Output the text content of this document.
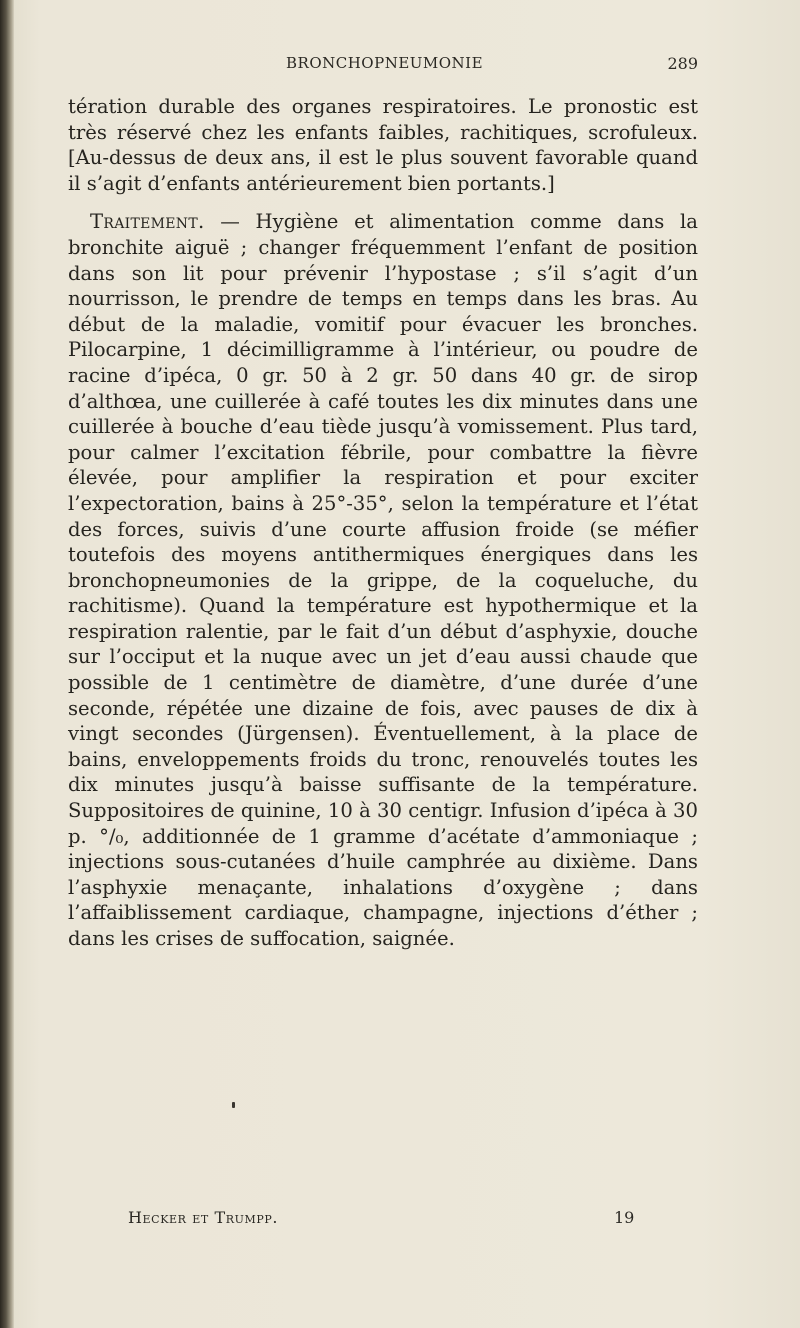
BRONCHOPNEUMONIE	289

tération durable des organes respiratoires. Le pronostic est très réservé chez les enfants faibles, rachitiques, scrofuleux. [Au-dessus de deux ans, il est le plus souvent favorable quand il s’agit d’enfants antérieurement bien portants.]

Traitement. — Hygiène et alimentation comme dans la bronchite aiguë ; changer fréquemment l’enfant de position dans son lit pour prévenir l’hypostase ; s’il s’agit d’un nourrisson, le prendre de temps en temps dans les bras. Au début de la maladie, vomitif pour évacuer les bronches. Pilocarpine, 1 décimilligramme à l’intérieur, ou poudre de racine d’ipéca, 0 gr. 50 à 2 gr. 50 dans 40 gr. de sirop d’althœa, une cuillerée à café toutes les dix minutes dans une cuillerée à bouche d’eau tiède jusqu’à vomissement. Plus tard, pour calmer l’excitation fébrile, pour combattre la fièvre élevée, pour amplifier la respiration et pour exciter l’expectoration, bains à 25°-35°, selon la température et l’état des forces, suivis d’une courte affusion froide (se méfier toutefois des moyens antithermiques énergiques dans les bronchopneumonies de la grippe, de la coqueluche, du rachitisme). Quand la température est hypothermique et la respiration ralentie, par le fait d’un début d’asphyxie, douche sur l’occiput et la nuque avec un jet d’eau aussi chaude que possible de 1 centimètre de diamètre, d’une durée d’une seconde, répétée une dizaine de fois, avec pauses de dix à vingt secondes (Jürgensen). Éventuellement, à la place de bains, enveloppements froids du tronc, renouvelés toutes les dix minutes jusqu’à baisse suffisante de la température. Suppositoires de quinine, 10 à 30 centigr. Infusion d’ipéca à 30 p. °/₀, additionnée de 1 gramme d’acétate d’ammoniaque ; injections sous-cutanées d’huile camphrée au dixième. Dans l’asphyxie menaçante, inhalations d’oxygène ; dans l’affaiblissement cardiaque, champagne, injections d’éther ; dans les crises de suffocation, saignée.

Hecker et Trumpp.	19
